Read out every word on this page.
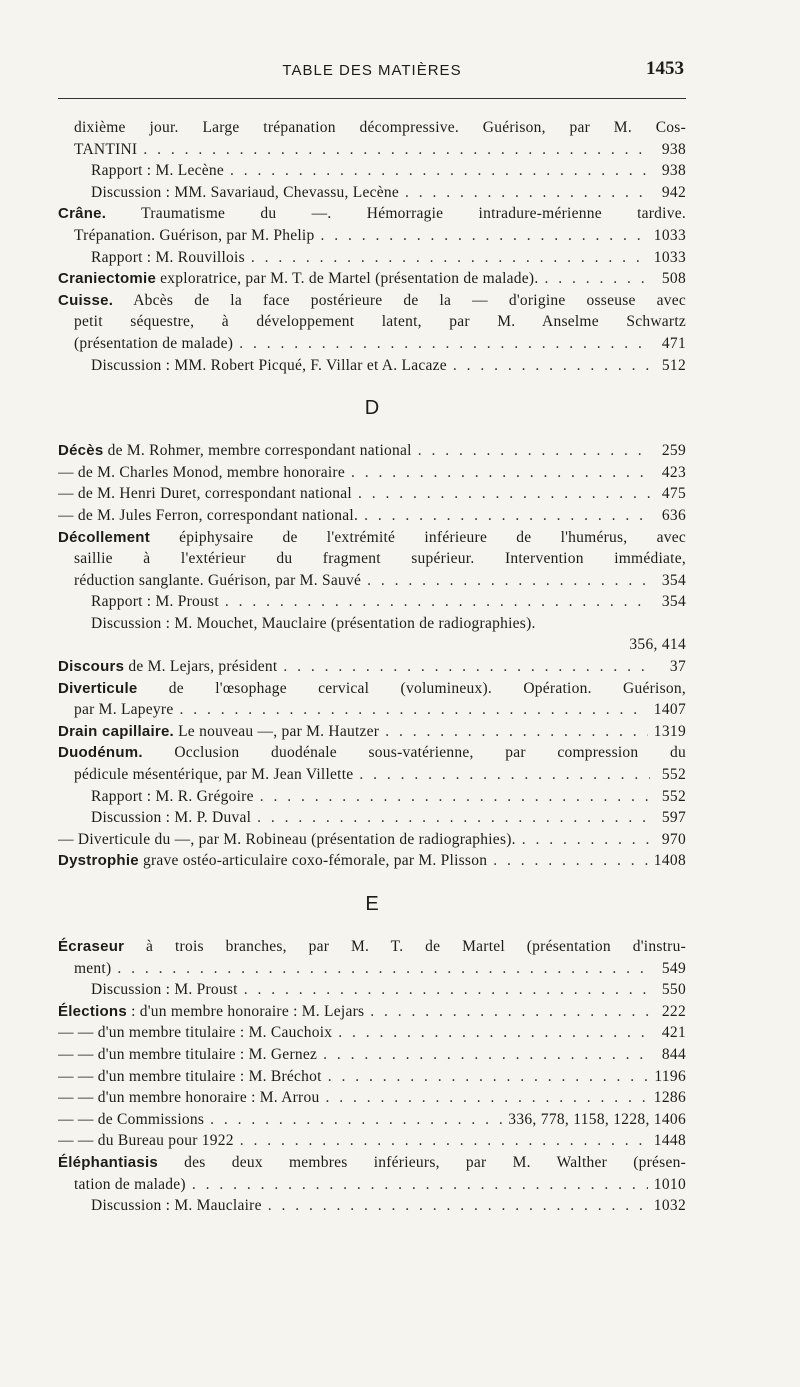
TABLE DES MATIÈRES	1453
dixième jour. Large trépanation décompressive. Guérison, par M. Cos-
TANTINI . . .	938
Rapport : M. Lecène . . .	938
Discussion : MM. Savariaud, Chevassu, Lecène . . .	942
Crâne. Traumatisme du —. Hémorragie intradure-mérienne tardive.
Trépanation. Guérison, par M. Phelip . . .	1033
Rapport : M. Rouvillois . . .	1033
Craniectomie exploratrice, par M. T. de Martel (présentation de malade). . . .	508
Cuisse. Abcès de la face postérieure de la — d'origine osseuse avec
petit séquestre, à développement latent, par M. Anselme Schwartz
(présentation de malade) . . .	471
Discussion : MM. Robert Picqué, F. Villar et A. Lacaze . . .	512
D
Décès de M. Rohmer, membre correspondant national . . .	259
— de M. Charles Monod, membre honoraire . . .	423
— de M. Henri Duret, correspondant national . . .	475
— de M. Jules Ferron, correspondant national. . . .	636
Décollement épiphysaire de l'extrémité inférieure de l'humérus, avec
saillie à l'extérieur du fragment supérieur. Intervention immédiate,
réduction sanglante. Guérison, par M. Sauvé . . .	354
Rapport : M. Proust . . .	354
Discussion : M. Mouchet, Mauclaire (présentation de radiographies).
356, 414
Discours de M. Lejars, président . . .	37
Diverticule de l'œsophage cervical (volumineux). Opération. Guérison,
par M. Lapeyre . . .	1407
Drain capillaire. Le nouveau —, par M. Hautzer . . .	1319
Duodénum. Occlusion duodénale sous-vatérienne, par compression du
pédicule mésentérique, par M. Jean Villette . . .	552
Rapport : M. R. Grégoire . . .	552
Discussion : M. P. Duval . . .	597
— Diverticule du —, par M. Robineau (présentation de radiographies). . . .	970
Dystrophie grave ostéo-articulaire coxo-fémorale, par M. Plisson . . .	1408
E
Écraseur à trois branches, par M. T. de Martel (présentation d'instru-
ment) . . .	549
Discussion : M. Proust . . .	550
Élections : d'un membre honoraire : M. Lejars . . .	222
— — d'un membre titulaire : M. Cauchoix . . .	421
— — d'un membre titulaire : M. Gernez . . .	844
— — d'un membre titulaire : M. Bréchot . . .	1196
— — d'un membre honoraire : M. Arrou . . .	1286
— — de Commissions . . .	336, 778, 1158, 1228, 1406
— — du Bureau pour 1922 . . .	1448
Éléphantiasis des deux membres inférieurs, par M. Walther (présen-
tation de malade) . . .	1010
Discussion : M. Mauclaire . . .	1032
